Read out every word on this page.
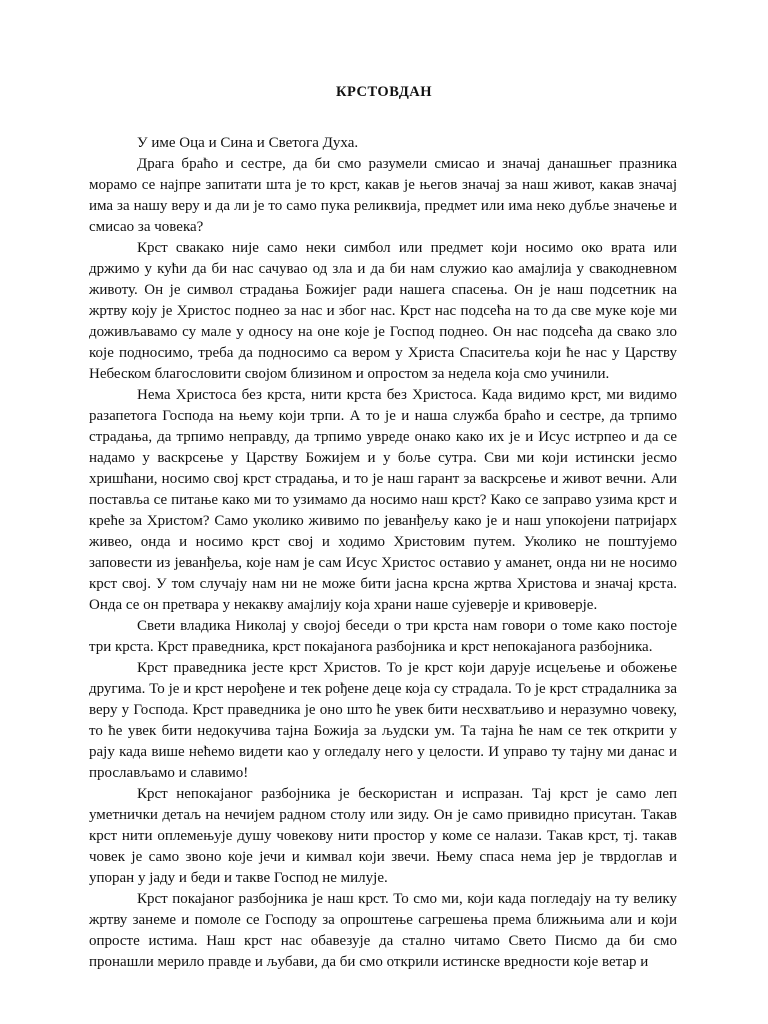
КРСТОВДАН

У име Оца и Сина и Светога Духа.

Драга браћо и сестре, да би смо разумели смисао и значај данашњег празника морамо се најпре запитати шта је то крст, какав је његов значај за наш живот, какав значај има за нашу веру и да ли је то само пука реликвија, предмет или има неко дубље значење и смисао за човека?

Крст свакако није само неки симбол или предмет који носимо око врата или држимо у кући да би нас сачувао од зла и да би нам служио као амајлија у свакодневном животу. Он је символ страдања Божијег ради нашега спасења. Он је наш подсетник на жртву коју је Христос поднео за нас и због нас. Крст нас подсећа на то да све муке које ми доживљавамо су мале у односу на оне које је Господ поднео. Он нас подсећа да свако зло које подносимо, треба да подносимо са вером у Христа Спаситеља који ће нас у Царству Небеском благословити својом близином и опростом за недела која смо учинили.

Нема Христоса без крста, нити крста без Христоса. Када видимо крст, ми видимо разапетога Господа на њему који трпи. А то је и наша служба браћо и сестре, да трпимо страдања, да трпимо неправду, да трпимо увреде онако како их је и Исус истрпео и да се надамо у васкрсење у Царству Божијем и у боље сутра. Сви ми који истински јесмо хришћани, носимо свој крст страдања, и то је наш гарант за васкрсење и живот вечни. Али поставља се питање како ми то узимамо да носимо наш крст? Како се заправо узима крст и креће за Христом? Само уколико живимо по јеванђељу како је и наш упокојени патријарх живео, онда и носимо крст свој и ходимо Христовим путем. Уколико не поштујемо заповести из јеванђеља, које нам је сам Исус Христос оставио у аманет, онда ни не носимо крст свој. У том случају нам ни не може бити јасна крсна жртва Христова и значај крста. Онда се он претвара у некакву амајлију која храни наше сујеверје и кривоверје.

Свети владика Николај у својој беседи о три крста нам говори о томе како постоје три крста. Крст праведника, крст покајанога разбојника и крст непокајанога разбојника.

Крст праведника јесте крст Христов. То је крст који дарује исцељење и обожење другима. То је и крст нерођене и тек рођене деце која су страдала. То је крст страдалника за веру у Господа. Крст праведника је оно што ће увек бити несхватљиво и неразумно човеку, то ће увек бити недокучива тајна Божија за људски ум. Та тајна ће нам се тек открити у рају када више нећемо видети као у огледалу него у целости. И управо ту тајну ми данас и прослављамо и славимо!

Крст непокајаног разбојника је бескористан и испразан. Тај крст је само леп уметнички детаљ на нечијем радном столу или зиду. Он је само привидно присутан. Такав крст нити оплемењује душу човекову нити простор у коме се налази. Такав крст, тј. такав човек је само звоно које јечи и кимвал који звечи. Њему спаса нема јер је тврдоглав и упоран у јаду и беди и такве Господ не милује.

Крст покајаног разбојника је наш крст. То смо ми, који када погледају на ту велику жртву занеме и помоле се Господу за опроштење сагрешења према ближњима али и који опросте истима. Наш крст нас обавезује да стално читамо Свето Писмо да би смо пронашли мерило правде и љубави, да би смо открили истинске вредности које ветар и
